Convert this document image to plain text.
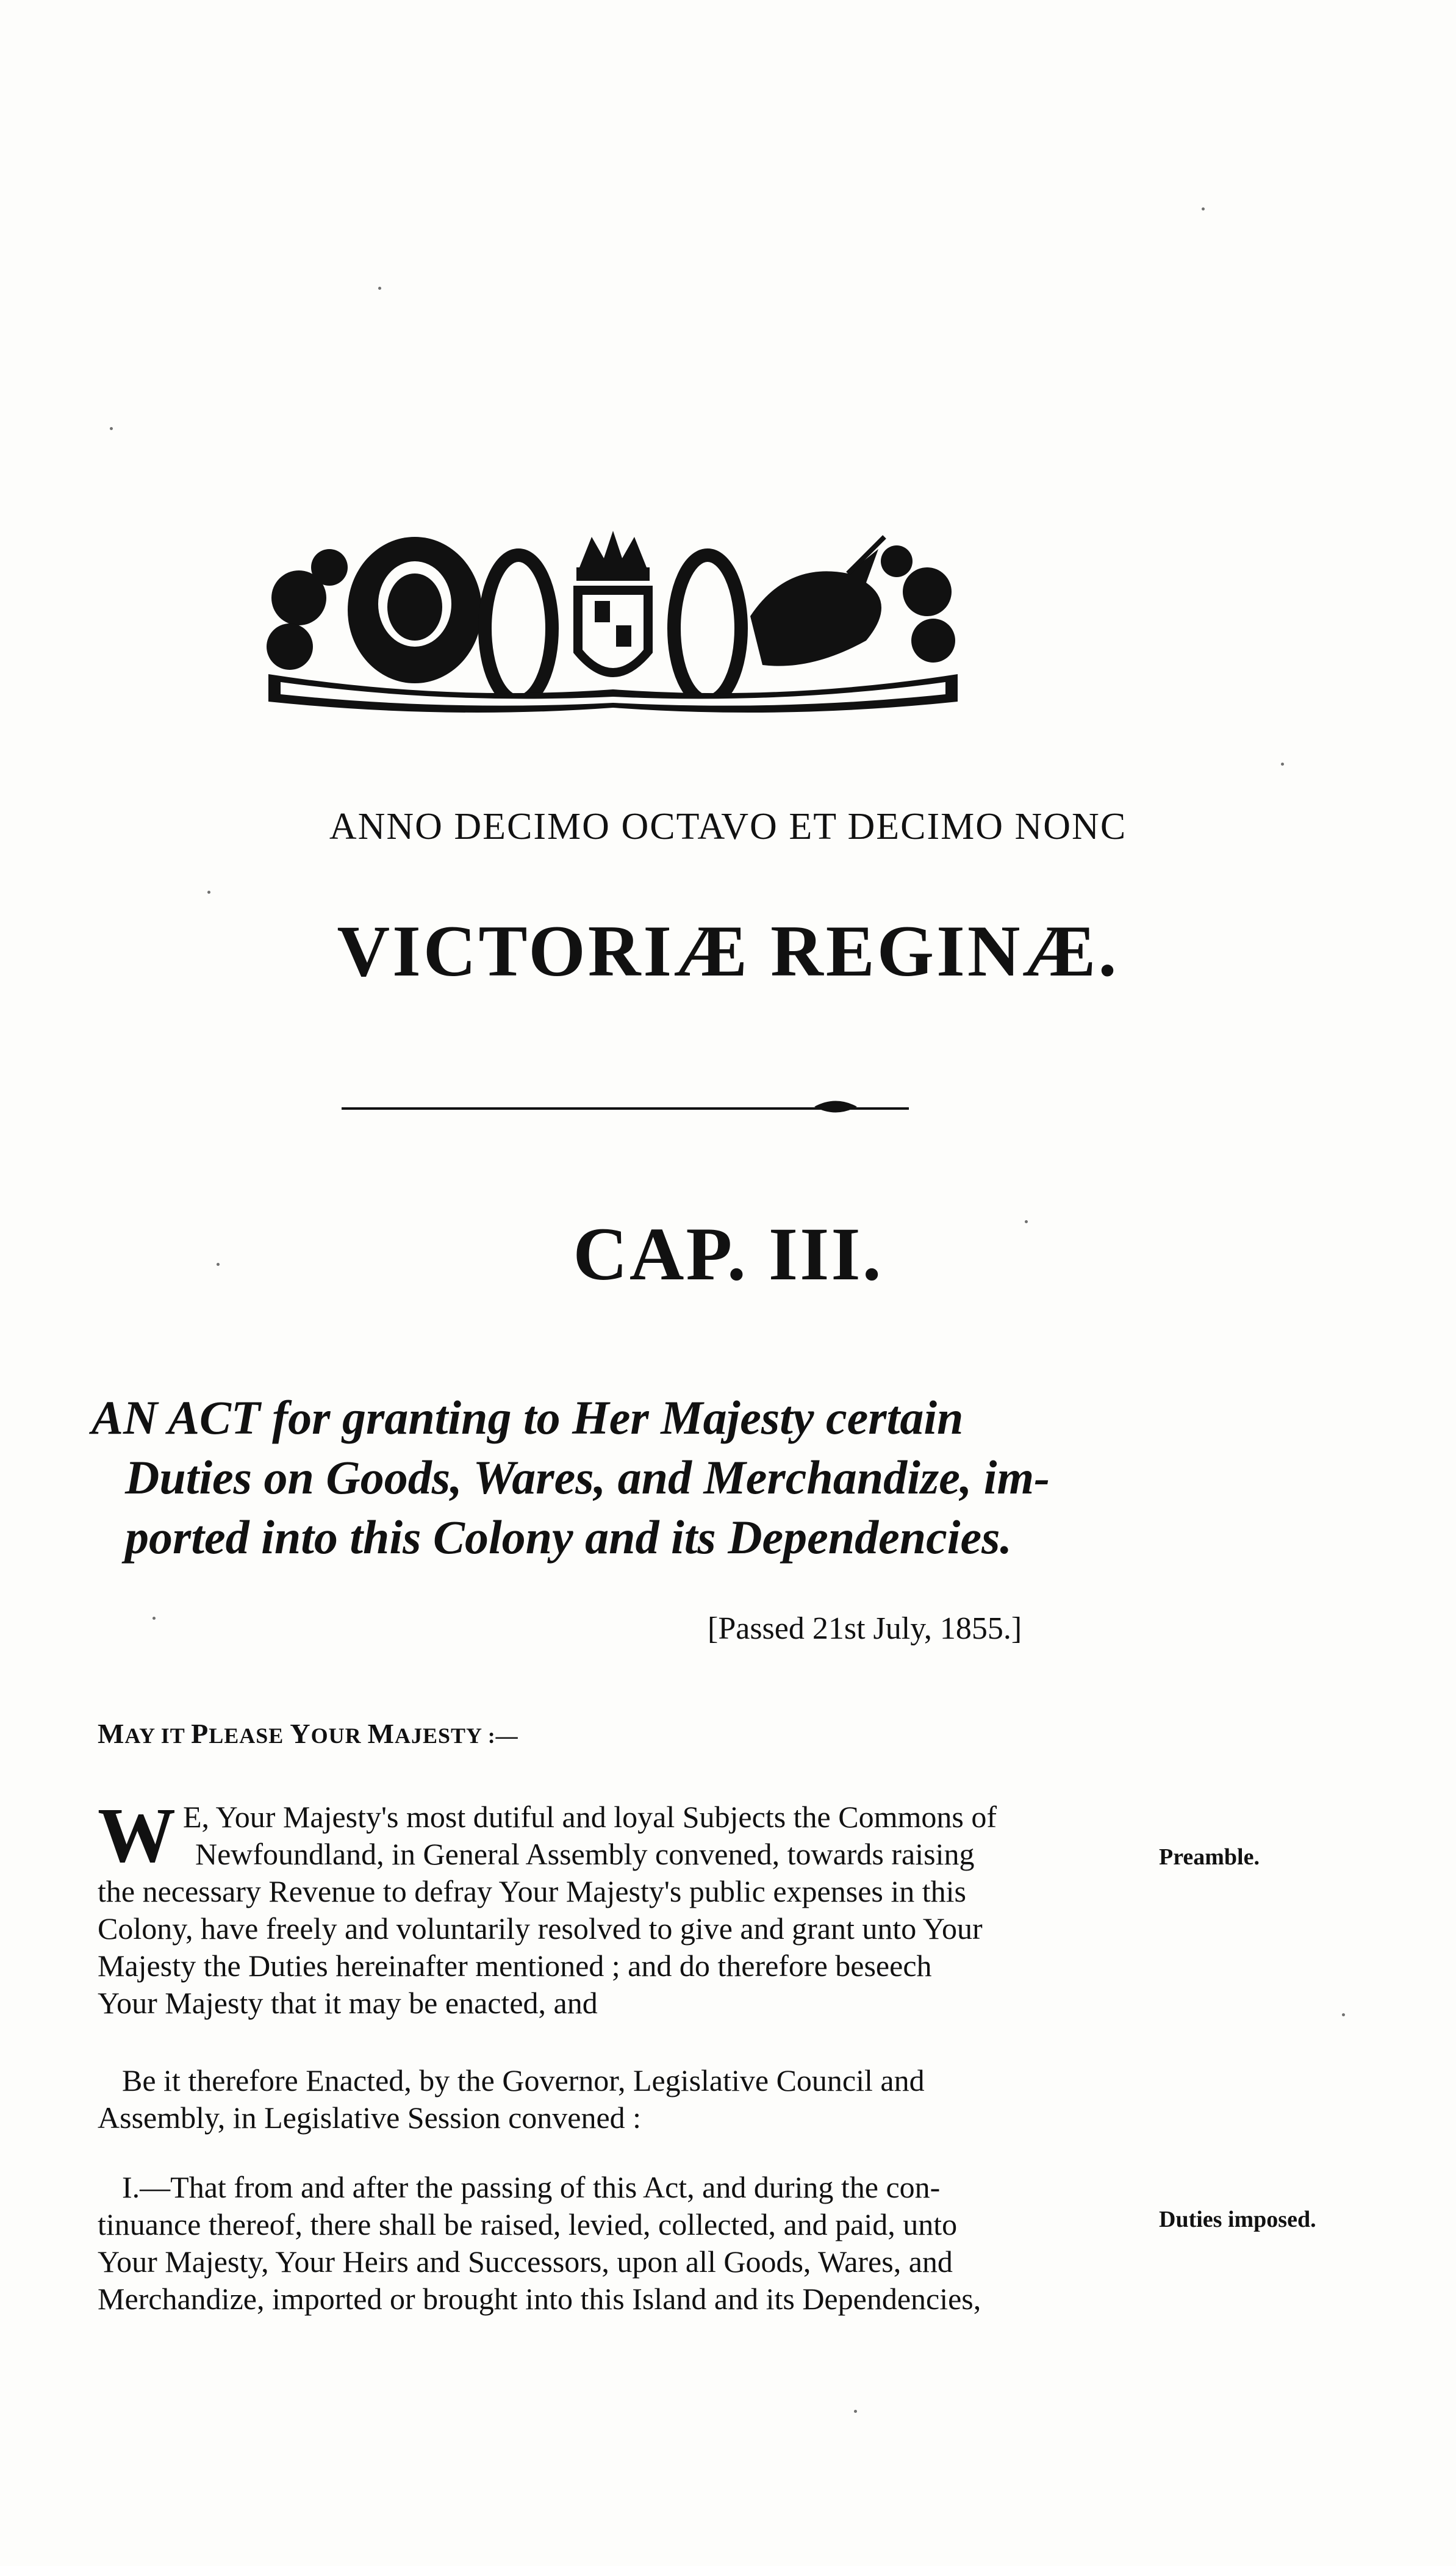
ANNO DECIMO OCTAVO ET DECIMO NONC
VICTORIÆ REGINÆ.
CAP. III.
AN ACT for granting to Her Majesty certain
Duties on Goods, Wares, and Merchandize, im-
ported into this Colony and its Dependencies.
[Passed 21st July, 1855.]
MAY IT PLEASE YOUR MAJESTY :—
W E, Your Majesty's most dutiful and loyal Subjects the Commons of
Newfoundland, in General Assembly convened, towards raising
the necessary Revenue to defray Your Majesty's public expenses in this
Colony, have freely and voluntarily resolved to give and grant unto Your
Majesty the Duties hereinafter mentioned ; and do therefore beseech
Your Majesty that it may be enacted, and
Preamble.
Be it therefore Enacted, by the Governor, Legislative Council and
Assembly, in Legislative Session convened :
I.—That from and after the passing of this Act, and during the con-
tinuance thereof, there shall be raised, levied, collected, and paid, unto
Your Majesty, Your Heirs and Successors, upon all Goods, Wares, and
Merchandize, imported or brought into this Island and its Dependencies,
Duties imposed.
